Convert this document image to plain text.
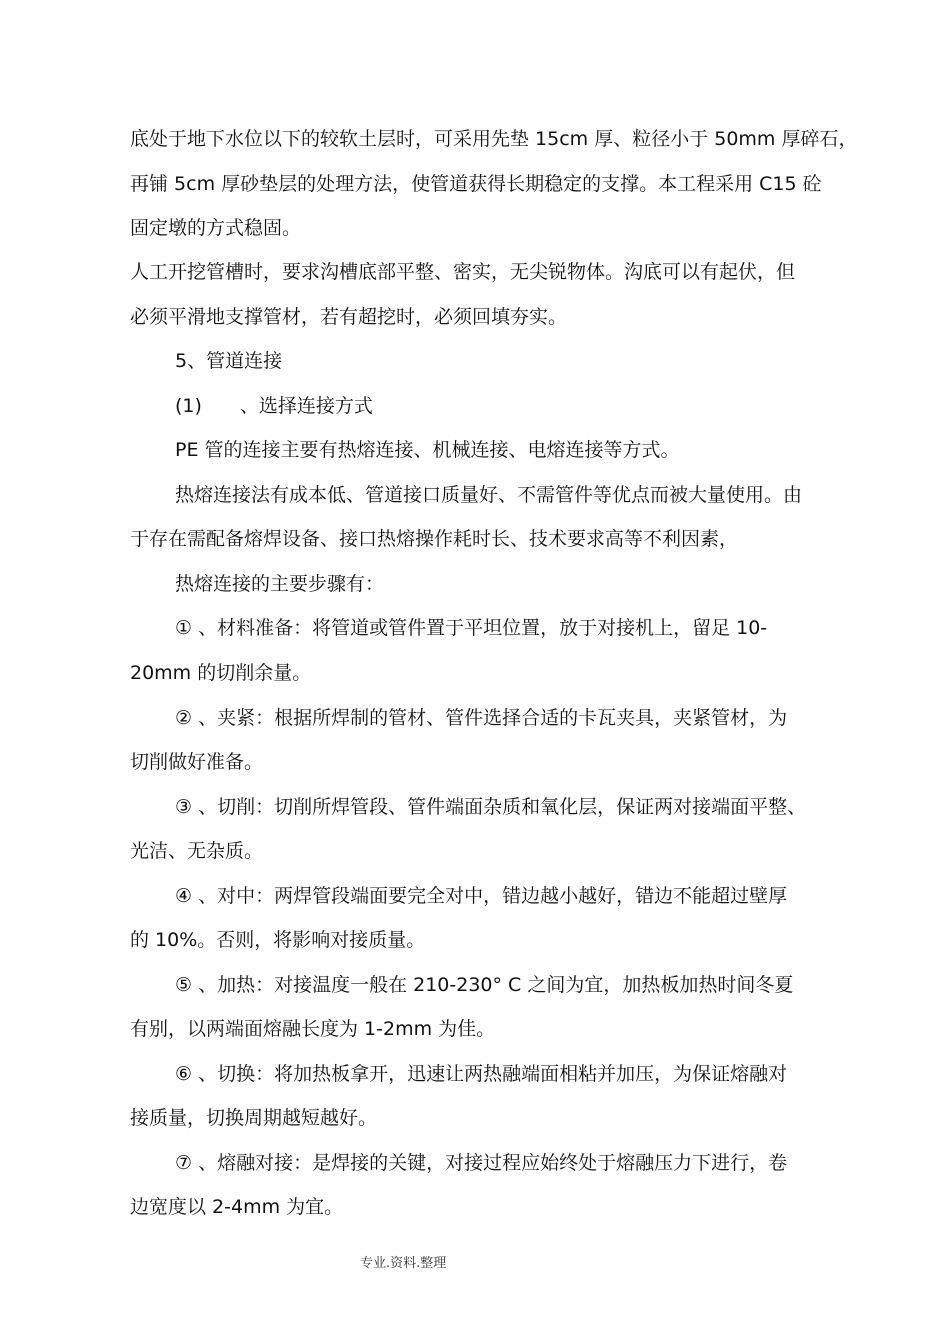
底处于地下水位以下的较软土层时，可采用先垫 15cm 厚、粒径小于 50mm 厚碎石，
再铺 5cm 厚砂垫层的处理方法，使管道获得长期稳定的支撑。本工程采用 C15 砼
固定墩的方式稳固。
人工开挖管槽时，要求沟槽底部平整、密实，无尖锐物体。沟底可以有起伏，但
必须平滑地支撑管材，若有超挖时，必须回填夯实。
5、管道连接
(1)　　、选择连接方式
PE 管的连接主要有热熔连接、机械连接、电熔连接等方式。
热熔连接法有成本低、管道接口质量好、不需管件等优点而被大量使用。由
于存在需配备熔焊设备、接口热熔操作耗时长、技术要求高等不利因素，
热熔连接的主要步骤有：
① 、材料准备：将管道或管件置于平坦位置，放于对接机上，留足 10-
20mm 的切削余量。
② 、夹紧：根据所焊制的管材、管件选择合适的卡瓦夹具，夹紧管材，为
切削做好准备。
③ 、切削：切削所焊管段、管件端面杂质和氧化层，保证两对接端面平整、
光洁、无杂质。
④ 、对中：两焊管段端面要完全对中，错边越小越好，错边不能超过壁厚
的 10%。否则，将影响对接质量。
⑤ 、加热：对接温度一般在 210-230° C 之间为宜，加热板加热时间冬夏
有别，以两端面熔融长度为 1-2mm 为佳。
⑥ 、切换：将加热板拿开，迅速让两热融端面相粘并加压，为保证熔融对
接质量，切换周期越短越好。
⑦ 、熔融对接：是焊接的关键，对接过程应始终处于熔融压力下进行，卷
边宽度以 2-4mm 为宜。
专业.资料.整理
